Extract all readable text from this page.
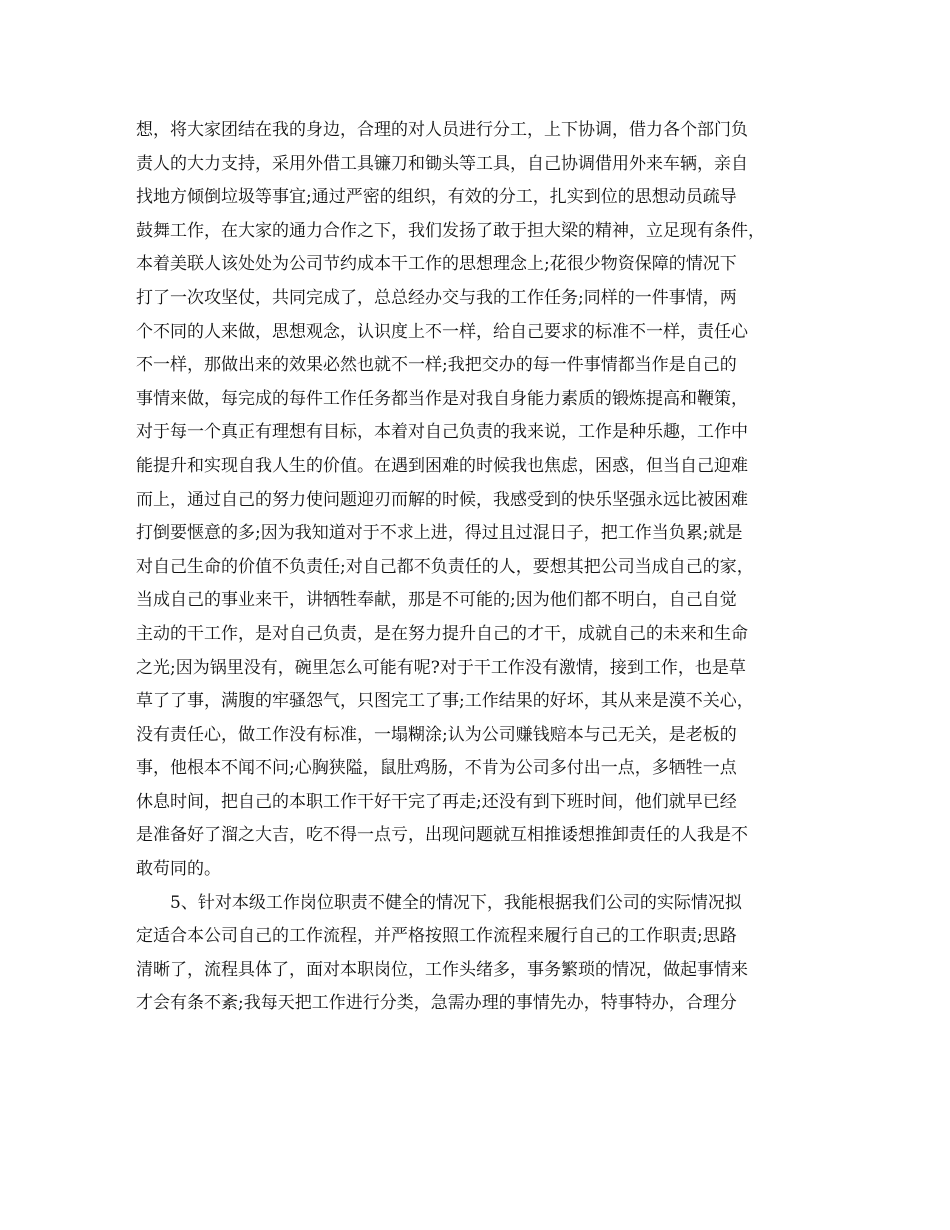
想，将大家团结在我的身边，合理的对人员进行分工，上下协调，借力各个部门负
责人的大力支持，采用外借工具镰刀和锄头等工具，自己协调借用外来车辆，亲自
找地方倾倒垃圾等事宜;通过严密的组织，有效的分工，扎实到位的思想动员疏导
鼓舞工作，在大家的通力合作之下，我们发扬了敢于担大梁的精神，立足现有条件，
本着美联人该处处为公司节约成本干工作的思想理念上;花很少物资保障的情况下
打了一次攻坚仗，共同完成了，总总经办交与我的工作任务;同样的一件事情，两
个不同的人来做，思想观念，认识度上不一样，给自己要求的标准不一样，责任心
不一样，那做出来的效果必然也就不一样;我把交办的每一件事情都当作是自己的
事情来做，每完成的每件工作任务都当作是对我自身能力素质的锻炼提高和鞭策，
对于每一个真正有理想有目标，本着对自己负责的我来说，工作是种乐趣，工作中
能提升和实现自我人生的价值。在遇到困难的时候我也焦虑，困惑，但当自己迎难
而上，通过自己的努力使问题迎刃而解的时候，我感受到的快乐坚强永远比被困难
打倒要惬意的多;因为我知道对于不求上进，得过且过混日子，把工作当负累;就是
对自己生命的价值不负责任;对自己都不负责任的人，要想其把公司当成自己的家，
当成自己的事业来干，讲牺牲奉献，那是不可能的;因为他们都不明白，自己自觉
主动的干工作，是对自己负责，是在努力提升自己的才干，成就自己的未来和生命
之光;因为锅里没有，碗里怎么可能有呢?对于干工作没有激情，接到工作，也是草
草了了事，满腹的牢骚怨气，只图完工了事;工作结果的好坏，其从来是漠不关心，
没有责任心，做工作没有标准，一塌糊涂;认为公司赚钱赔本与己无关，是老板的
事，他根本不闻不问;心胸狭隘，鼠肚鸡肠，不肯为公司多付出一点，多牺牲一点
休息时间，把自己的本职工作干好干完了再走;还没有到下班时间，他们就早已经
是准备好了溜之大吉，吃不得一点亏，出现问题就互相推诿想推卸责任的人我是不
敢苟同的。
5、针对本级工作岗位职责不健全的情况下，我能根据我们公司的实际情况拟
定适合本公司自己的工作流程，并严格按照工作流程来履行自己的工作职责;思路
清晰了，流程具体了，面对本职岗位，工作头绪多，事务繁琐的情况，做起事情来
才会有条不紊;我每天把工作进行分类，急需办理的事情先办，特事特办，合理分
